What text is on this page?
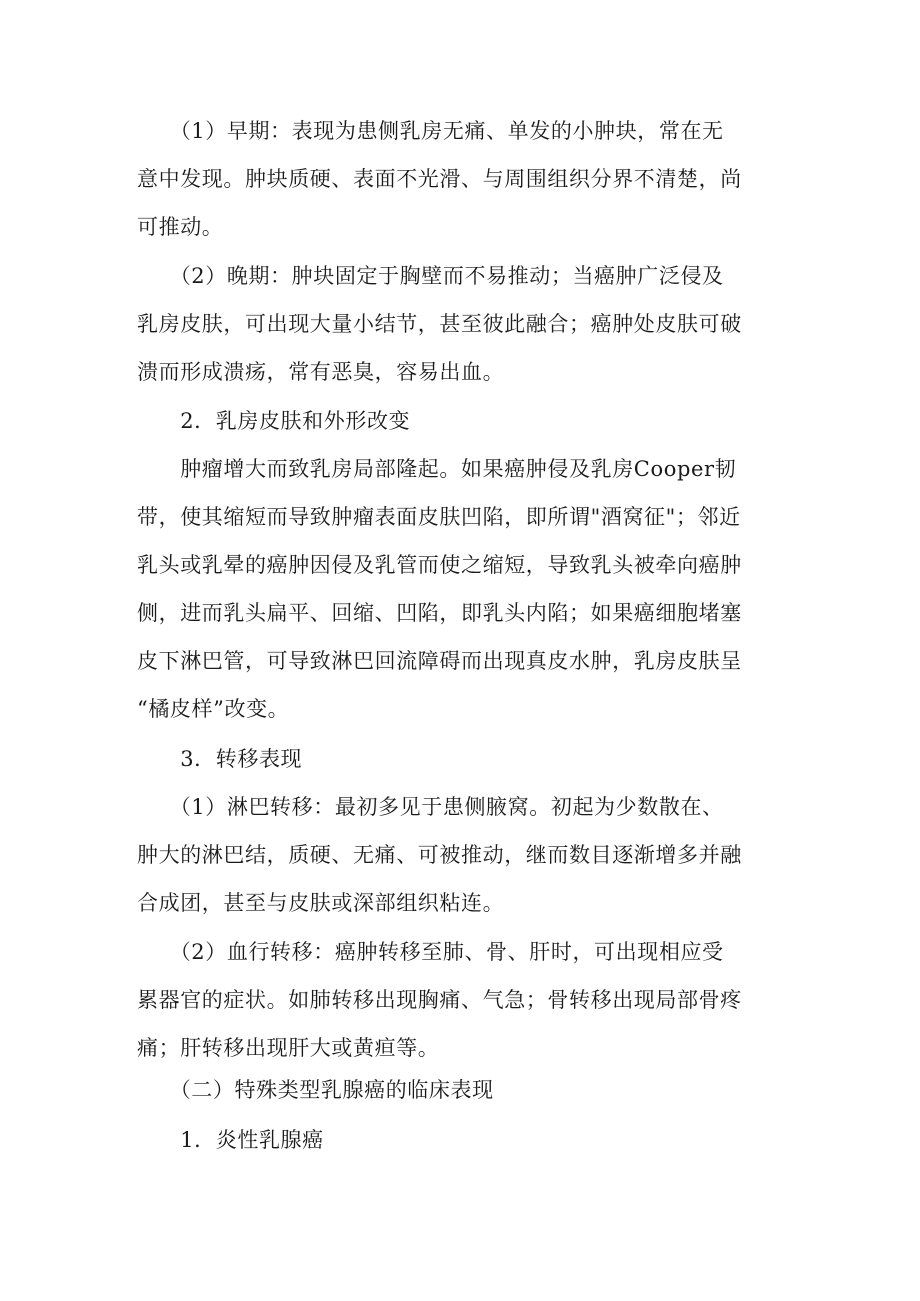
　　（1）早期：表现为患侧乳房无痛、单发的小肿块，常在无
意中发现。肿块质硬、表面不光滑、与周围组织分界不清楚，尚
可推动。

　　（2）晚期：肿块固定于胸壁而不易推动；当癌肿广泛侵及
乳房皮肤，可出现大量小结节，甚至彼此融合；癌肿处皮肤可破
溃而形成溃疡，常有恶臭，容易出血。

　　2．乳房皮肤和外形改变

　　肿瘤增大而致乳房局部隆起。如果癌肿侵及乳房Cooper韧
带，使其缩短而导致肿瘤表面皮肤凹陷，即所谓"酒窝征"；邻近
乳头或乳晕的癌肿因侵及乳管而使之缩短，导致乳头被牵向癌肿
侧，进而乳头扁平、回缩、凹陷，即乳头内陷；如果癌细胞堵塞
皮下淋巴管，可导致淋巴回流障碍而出现真皮水肿，乳房皮肤呈
“橘皮样”改变。

　　3．转移表现

　　（1）淋巴转移：最初多见于患侧腋窝。初起为少数散在、
肿大的淋巴结，质硬、无痛、可被推动，继而数目逐渐增多并融
合成团，甚至与皮肤或深部组织粘连。

　　（2）血行转移：癌肿转移至肺、骨、肝时，可出现相应受
累器官的症状。如肺转移出现胸痛、气急；骨转移出现局部骨疼
痛；肝转移出现肝大或黄疸等。

　　（二）特殊类型乳腺癌的临床表现

　　1．炎性乳腺癌
